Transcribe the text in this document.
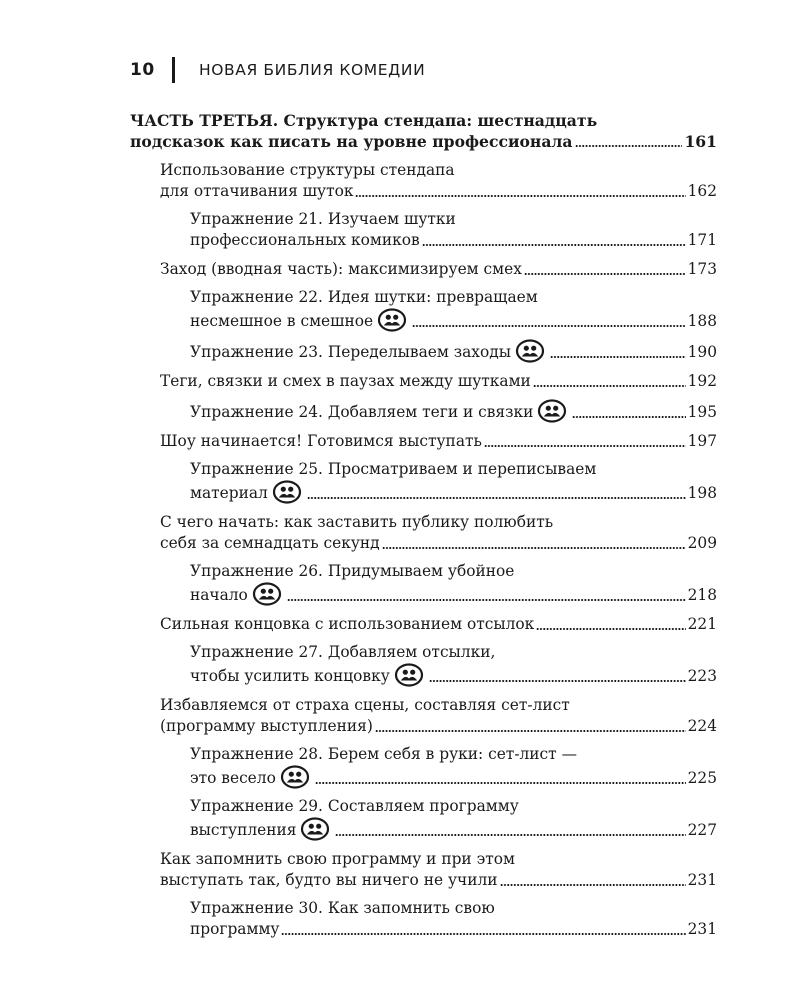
10	НОВАЯ БИБЛИЯ КОМЕДИИ
ЧАСТЬ ТРЕТЬЯ. Структура стендапа: шестнадцать
подсказок как писать на уровне профессионала	161
Использование структуры стендапа
для оттачивания шуток	162
Упражнение 21. Изучаем шутки
профессиональных комиков	171
Заход (вводная часть): максимизируем смех	173
Упражнение 22. Идея шутки: превращаем
несмешное в смешное	188
Упражнение 23. Переделываем заходы	190
Теги, связки и смех в паузах между шутками	192
Упражнение 24. Добавляем теги и связки	195
Шоу начинается! Готовимся выступать	197
Упражнение 25. Просматриваем и переписываем
материал	198
С чего начать: как заставить публику полюбить
себя за семнадцать секунд	209
Упражнение 26. Придумываем убойное
начало	218
Сильная концовка с использованием отсылок	221
Упражнение 27. Добавляем отсылки,
чтобы усилить концовку	223
Избавляемся от страха сцены, составляя сет-лист
(программу выступления)	224
Упражнение 28. Берем себя в руки: сет-лист —
это весело	225
Упражнение 29. Составляем программу
выступления	227
Как запомнить свою программу и при этом
выступать так, будто вы ничего не учили	231
Упражнение 30. Как запомнить свою
программу	231
